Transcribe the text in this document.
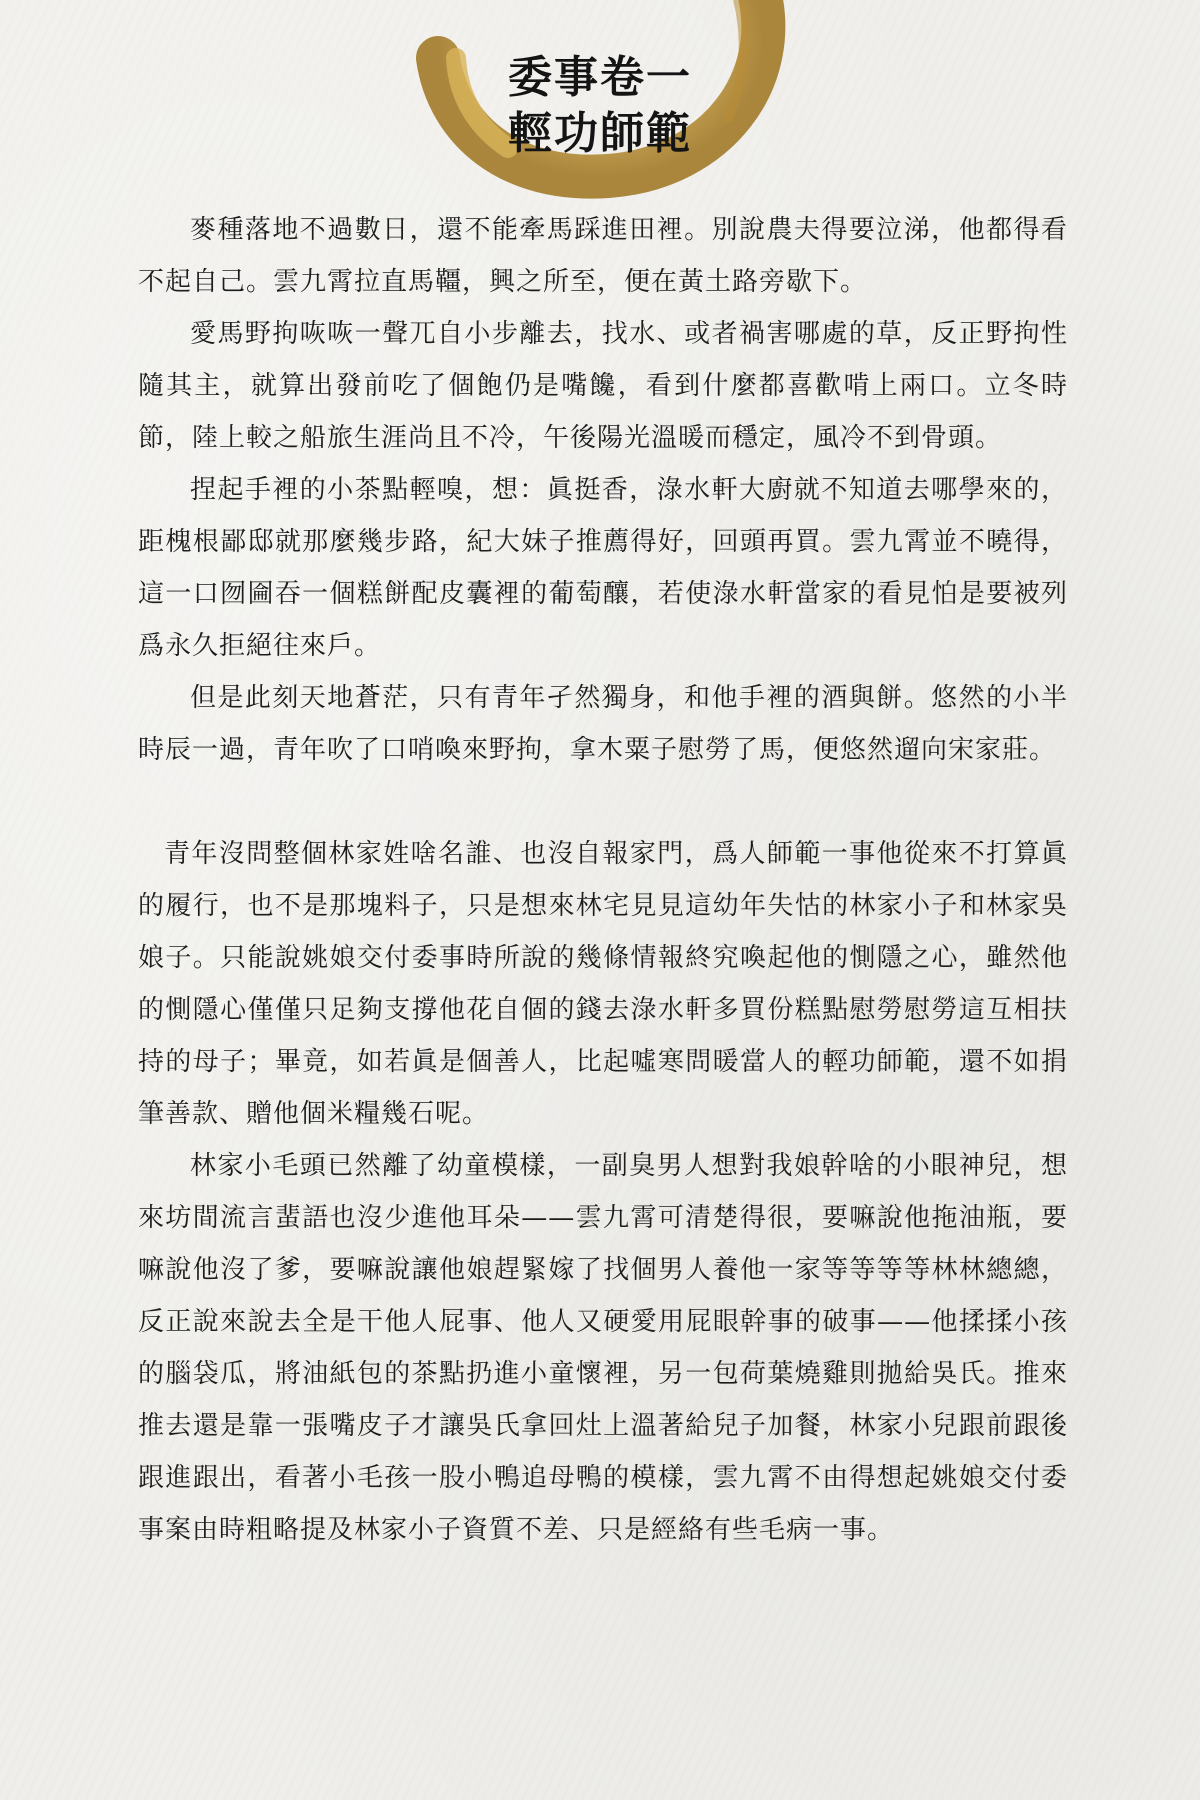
委事卷一
輕功師範

麥種落地不過數日，還不能牽馬踩進田裡。別說農夫得要泣涕，他都得看不起自己。雲九霄拉直馬韁，興之所至，便在黃土路旁歇下。

愛馬野拘咴咴一聲兀自小步離去，找水、或者禍害哪處的草，反正野拘性隨其主，就算出發前吃了個飽仍是嘴饞，看到什麼都喜歡啃上兩口。立冬時節，陸上較之船旅生涯尚且不冷，午後陽光溫暖而穩定，風冷不到骨頭。

捏起手裡的小茶點輕嗅，想：眞挺香，淥水軒大廚就不知道去哪學來的，距槐根鄙邸就那麼幾步路，紀大妹子推薦得好，回頭再買。雲九霄並不曉得，這一口囫圇吞一個糕餅配皮囊裡的葡萄釀，若使淥水軒當家的看見怕是要被列爲永久拒絕往來戶。

但是此刻天地蒼茫，只有青年孑然獨身，和他手裡的酒與餅。悠然的小半時辰一過，青年吹了口哨喚來野拘，拿木粟子慰勞了馬，便悠然遛向宋家莊。

青年沒問整個林家姓啥名誰、也沒自報家門，爲人師範一事他從來不打算眞的履行，也不是那塊料子，只是想來林宅見見這幼年失怙的林家小子和林家吳娘子。只能說姚娘交付委事時所說的幾條情報終究喚起他的惻隱之心，雖然他的惻隱心僅僅只足夠支撐他花自個的錢去淥水軒多買份糕點慰勞慰勞這互相扶持的母子；畢竟，如若眞是個善人，比起噓寒問暖當人的輕功師範，還不如捐筆善款、贈他個米糧幾石呢。

林家小毛頭已然離了幼童模樣，一副臭男人想對我娘幹啥的小眼神兒，想來坊間流言蜚語也沒少進他耳朵——雲九霄可清楚得很，要嘛說他拖油瓶，要嘛說他沒了爹，要嘛說讓他娘趕緊嫁了找個男人養他一家等等等等林林總總，反正說來說去全是干他人屁事、他人又硬愛用屁眼幹事的破事——他揉揉小孩的腦袋瓜，將油紙包的茶點扔進小童懷裡，另一包荷葉燒雞則拋給吳氏。推來推去還是靠一張嘴皮子才讓吳氏拿回灶上溫著給兒子加餐，林家小兒跟前跟後跟進跟出，看著小毛孩一股小鴨追母鴨的模樣，雲九霄不由得想起姚娘交付委事案由時粗略提及林家小子資質不差、只是經絡有些毛病一事。
